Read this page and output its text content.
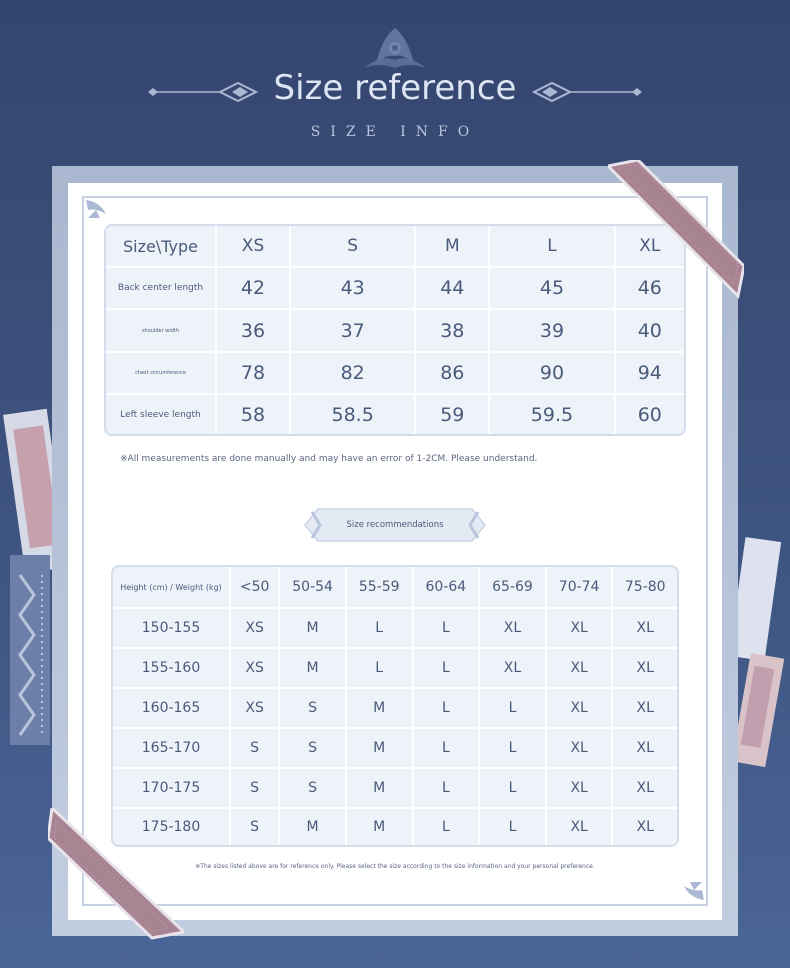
Size reference
SIZE INFO
Size\Type	XS	S	M	L	XL
Back center length	42	43	44	45	46
shoulder width	36	37	38	39	40
chest circumference	78	82	86	90	94
Left sleeve length	58	58.5	59	59.5	60
※All measurements are done manually and may have an error of 1-2CM. Please understand.
Size recommendations
Height (cm) / Weight (kg)	<50	50-54	55-59	60-64	65-69	70-74	75-80
150-155	XS	M	L	L	XL	XL	XL
155-160	XS	M	L	L	XL	XL	XL
160-165	XS	S	M	L	L	XL	XL
165-170	S	S	M	L	L	XL	XL
170-175	S	S	M	L	L	XL	XL
175-180	S	M	M	L	L	XL	XL
※The sizes listed above are for reference only. Please select the size according to the size information and your personal preference.
